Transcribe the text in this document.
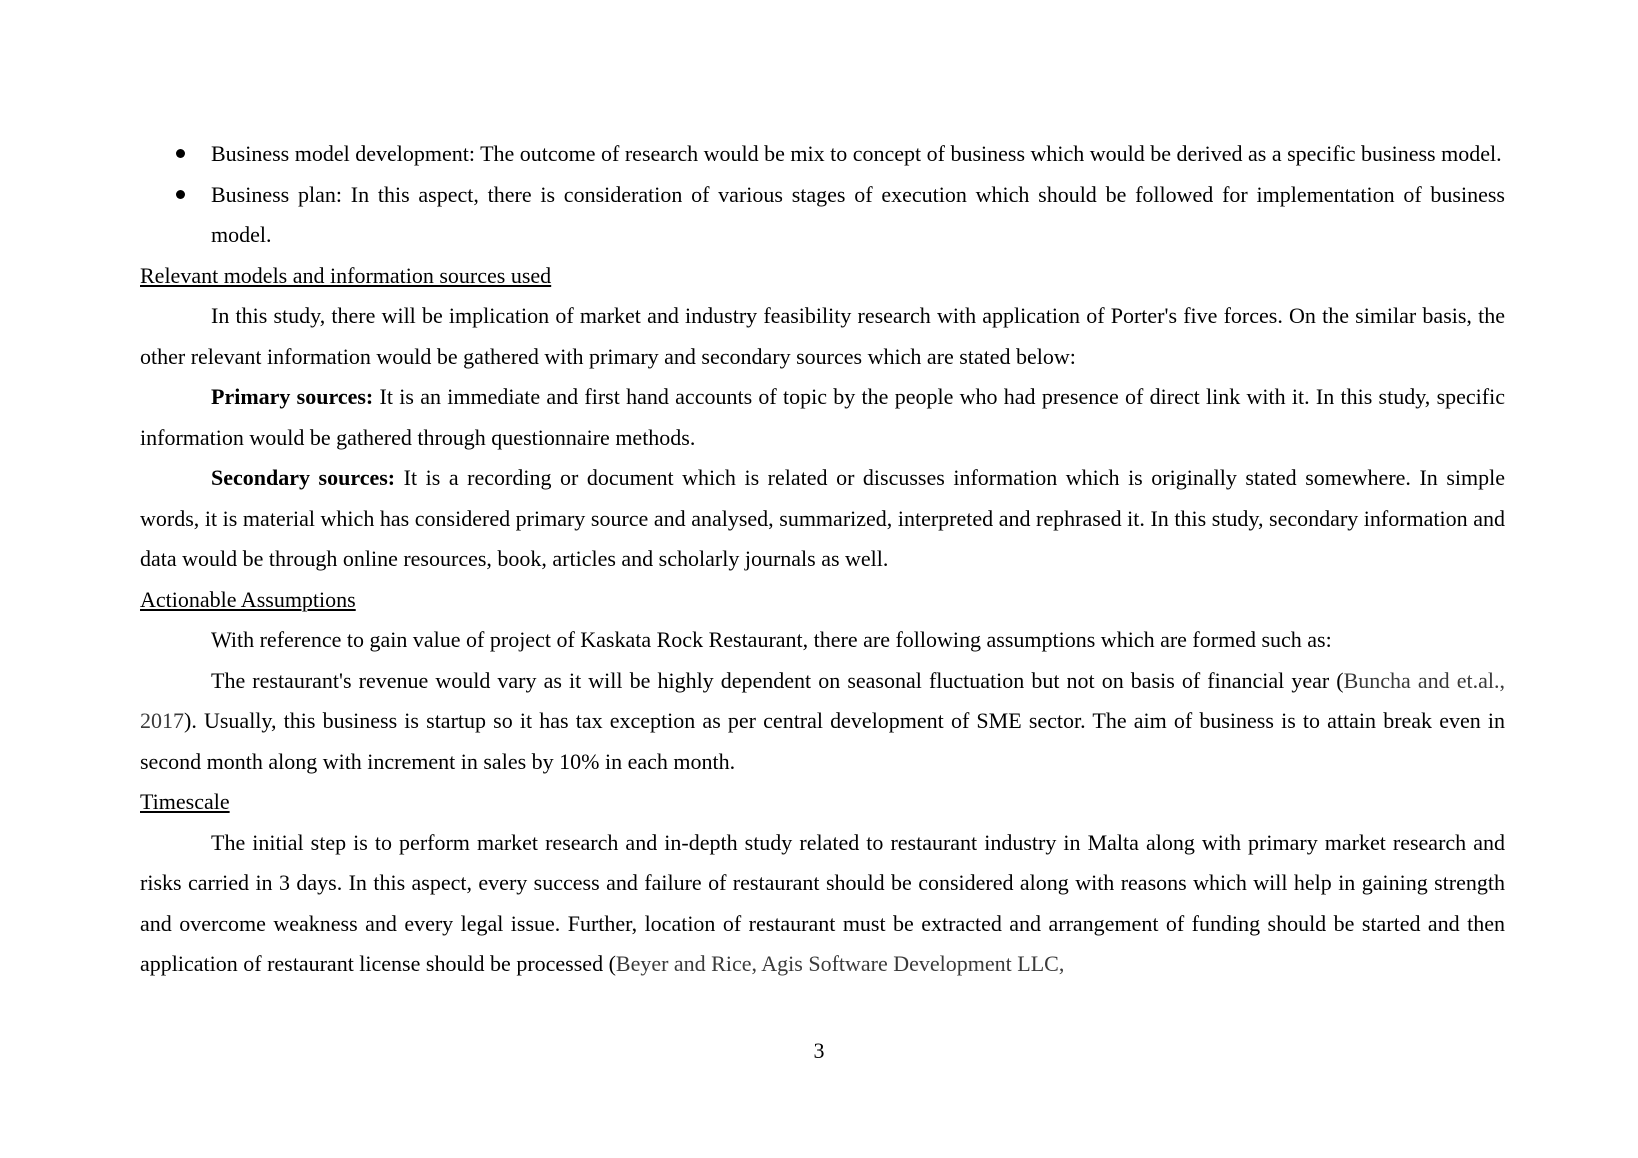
Business model development: The outcome of research would be mix to concept of business which would be derived as a specific business model.
Business plan: In this aspect, there is consideration of various stages of execution which should be followed for implementation of business model.

Relevant models and information sources used

In this study, there will be implication of market and industry feasibility research with application of Porter's five forces. On the similar basis, the other relevant information would be gathered with primary and secondary sources which are stated below:

Primary sources: It is an immediate and first hand accounts of topic by the people who had presence of direct link with it. In this study, specific information would be gathered through questionnaire methods.

Secondary sources: It is a recording or document which is related or discusses information which is originally stated somewhere. In simple words, it is material which has considered primary source and analysed, summarized, interpreted and rephrased it. In this study, secondary information and data would be through online resources, book, articles and scholarly journals as well.

Actionable Assumptions

With reference to gain value of project of Kaskata Rock Restaurant, there are following assumptions which are formed such as:

The restaurant's revenue would vary as it will be highly dependent on seasonal fluctuation but not on basis of financial year (Buncha and et.al., 2017). Usually, this business is startup so it has tax exception as per central development of SME sector. The aim of business is to attain break even in second month along with increment in sales by 10% in each month.

Timescale

The initial step is to perform market research and in-depth study related to restaurant industry in Malta along with primary market research and risks carried in 3 days. In this aspect, every success and failure of restaurant should be considered along with reasons which will help in gaining strength and overcome weakness and every legal issue. Further, location of restaurant must be extracted and arrangement of funding should be started and then application of restaurant license should be processed (Beyer and Rice, Agis Software Development LLC,

3
